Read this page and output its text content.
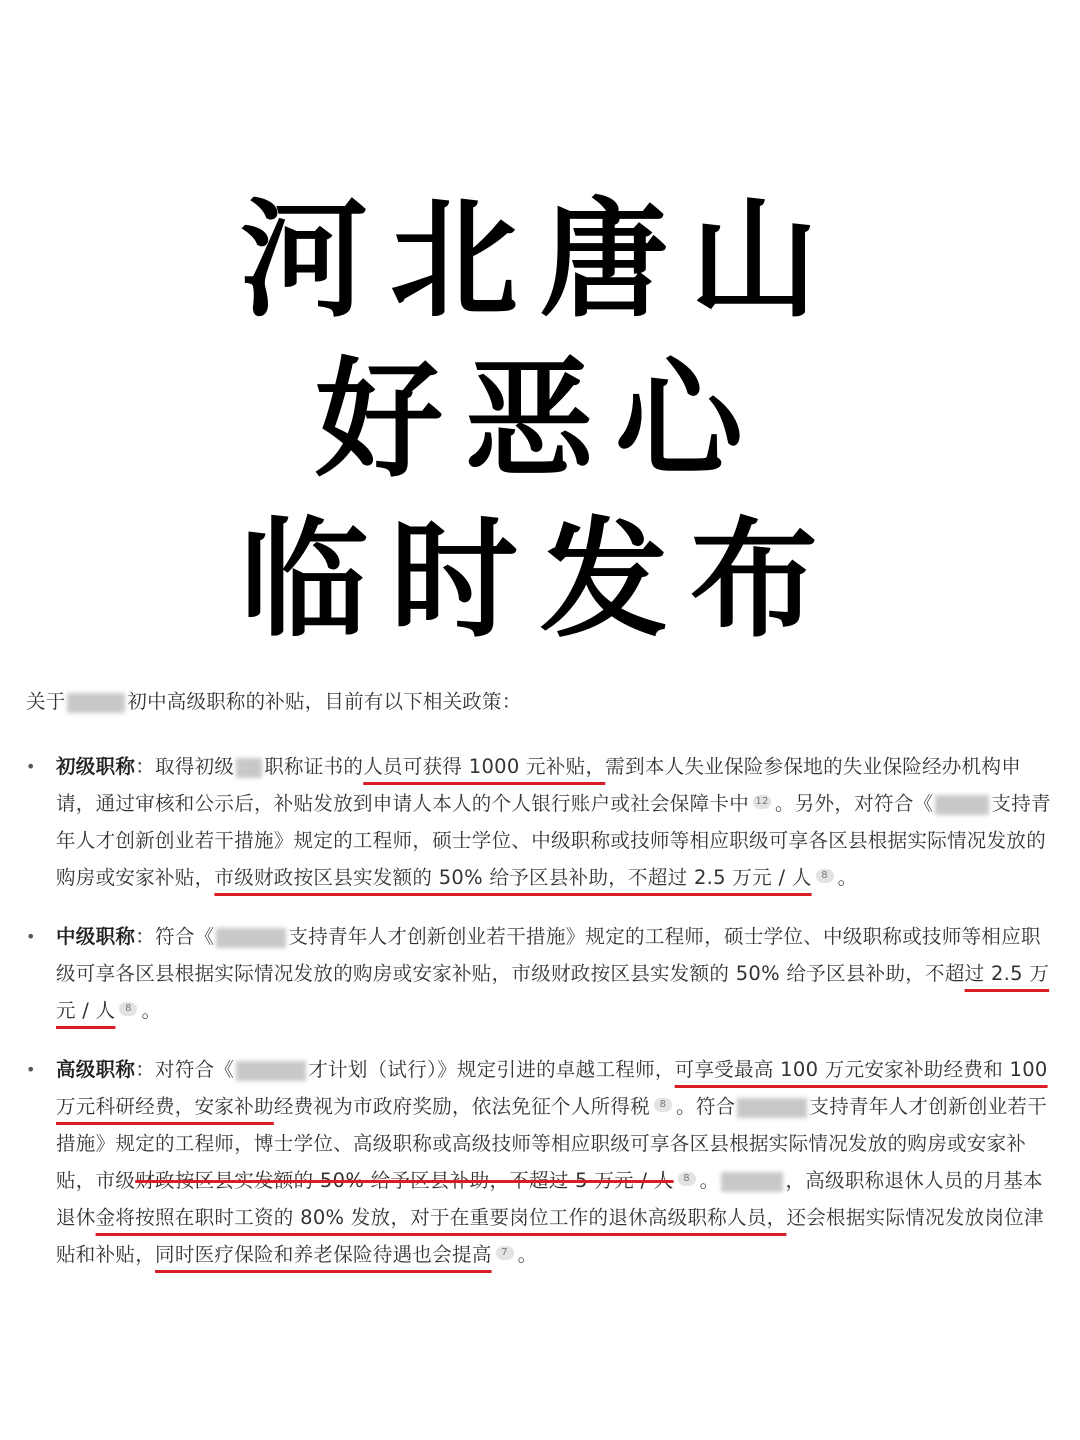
河北唐山
好恶心
临时发布

关于	初中高级职称的补贴，目前有以下相关政策：

• 初级职称：取得初级 职称证书的人员可获得 1000 元补贴，需到本人失业保险参保地的失业保险经办机构申请，通过审核和公示后，补贴发放到申请人本人的个人银行账户或社会保障卡中 12 。另外，对符合《	支持青年人才创新创业若干措施》规定的工程师，硕士学位、中级职称或技师等相应职级可享各区县根据实际情况发放的购房或安家补贴，市级财政按区县实发额的 50% 给予区县补助，不超过 2.5 万元 / 人 8 。
• 中级职称：符合《	支持青年人才创新创业若干措施》规定的工程师，硕士学位、中级职称或技师等相应职级可享各区县根据实际情况发放的购房或安家补贴，市级财政按区县实发额的 50% 给予区县补助，不超过 2.5 万元 / 人 8 。
• 高级职称：对符合《	才计划（试行）》规定引进的卓越工程师，可享受最高 100 万元安家补助经费和 100 万元科研经费，安家补助经费视为市政府奖励，依法免征个人所得税 8 。符合	支持青年人才创新创业若干措施》规定的工程师，博士学位、高级职称或高级技师等相应职级可享各区县根据实际情况发放的购房或安家补贴，市级财政按区县实发额的 50% 给予区县补助，不超过 5 万元 / 人 8 。	，高级职称退休人员的月基本退休金将按照在职时工资的 80% 发放，对于在重要岗位工作的退休高级职称人员，还会根据实际情况发放岗位津贴和补贴，同时医疗保险和养老保险待遇也会提高 7 。
